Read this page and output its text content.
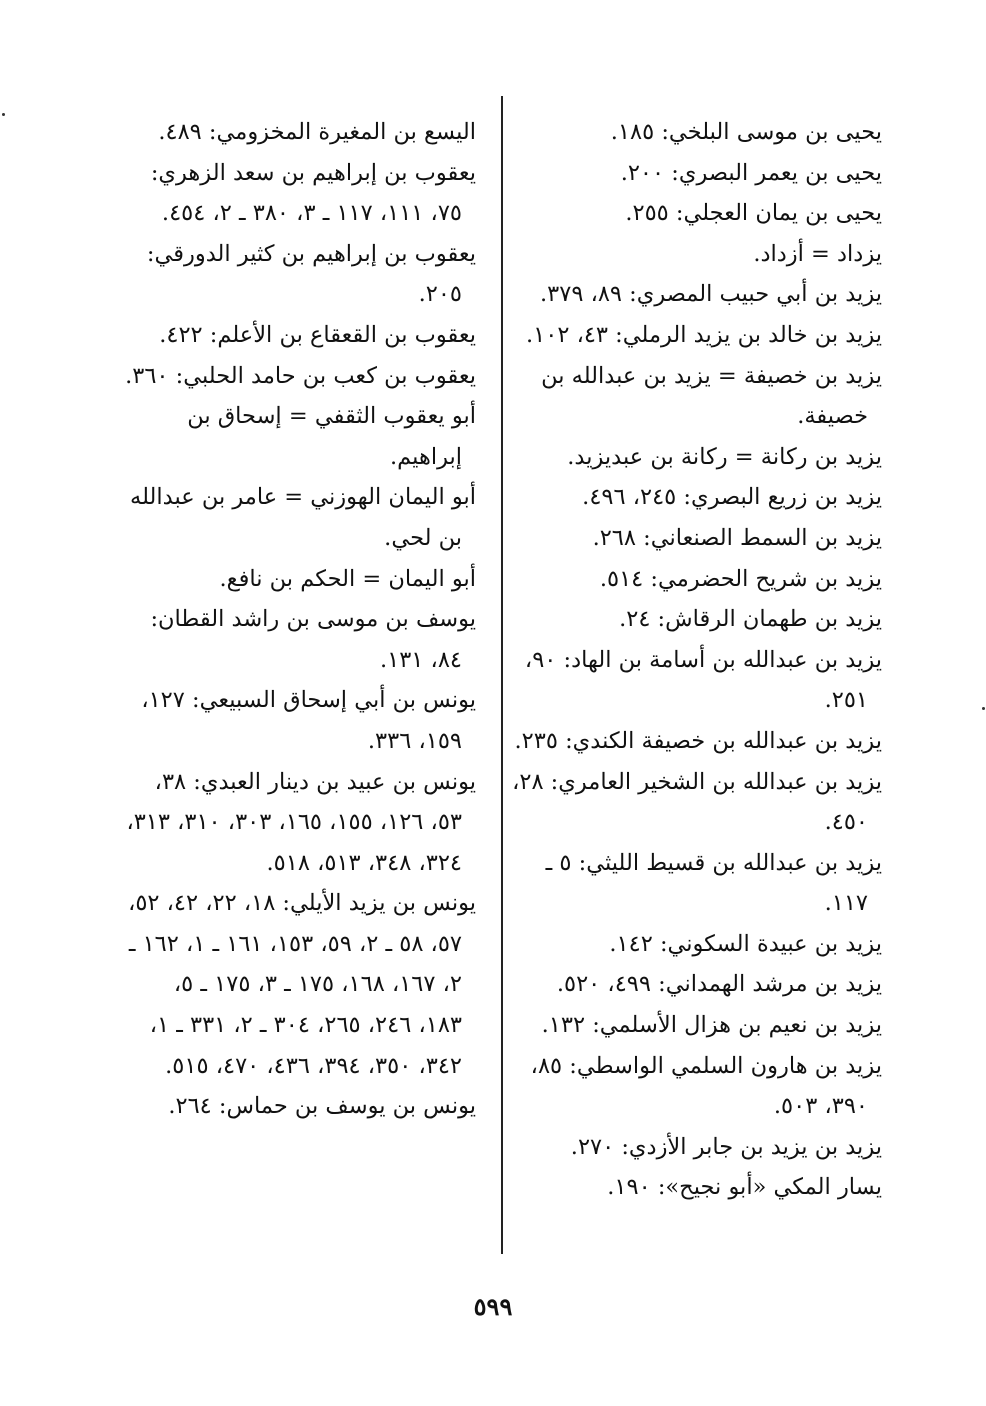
يحيى بن موسى البلخي: ١٨٥.

يحيى بن يعمر البصري: ٢٠٠.

يحيى بن يمان العجلي: ٢٥٥.

يزداد = أزداد.

يزيد بن أبي حبيب المصري: ٨٩، ٣٧٩.

يزيد بن خالد بن يزيد الرملي: ٤٣، ١٠٢.

يزيد بن خصيفة = يزيد بن عبدالله بن خصيفة.

يزيد بن ركانة = ركانة بن عبديزيد.

يزيد بن زريع البصري: ٢٤٥، ٤٩٦.

يزيد بن السمط الصنعاني: ٢٦٨.

يزيد بن شريح الحضرمي: ٥١٤.

يزيد بن طهمان الرقاش: ٢٤.

يزيد بن عبدالله بن أسامة بن الهاد: ٩٠، ٢٥١.

يزيد بن عبدالله بن خصيفة الكندي: ٢٣٥.

يزيد بن عبدالله بن الشخير العامري: ٢٨، ٤٥٠.

يزيد بن عبدالله بن قسيط الليثي: ٥ ـ ١١٧.

يزيد بن عبيدة السكوني: ١٤٢.

يزيد بن مرشد الهمداني: ٤٩٩، ٥٢٠.

يزيد بن نعيم بن هزال الأسلمي: ١٣٢.

يزيد بن هارون السلمي الواسطي: ٨٥، ٣٩٠، ٥٠٣.

يزيد بن يزيد بن جابر الأزدي: ٢٧٠.

يسار المكي «أبو نجيح»: ١٩٠.

اليسع بن المغيرة المخزومي: ٤٨٩.

يعقوب بن إبراهيم بن سعد الزهري: ٧٥، ١١١، ١١٧ ـ ٣، ٣٨٠ ـ ٢، ٤٥٤.

يعقوب بن إبراهيم بن كثير الدورقي: ٢٠٥.

يعقوب بن القعقاع بن الأعلم: ٤٢٢.

يعقوب بن كعب بن حامد الحلبي: ٣٦٠.

أبو يعقوب الثقفي = إسحاق بن إبراهيم.

أبو اليمان الهوزني = عامر بن عبدالله بن لحي.

أبو اليمان = الحكم بن نافع.

يوسف بن موسى بن راشد القطان: ٨٤، ١٣١.

يونس بن أبي إسحاق السبيعي: ١٢٧، ١٥٩، ٣٣٦.

يونس بن عبيد بن دينار العبدي: ٣٨، ٥٣، ١٢٦، ١٥٥، ١٦٥، ٣٠٣، ٣١٠، ٣١٣، ٣٢٤، ٣٤٨، ٥١٣، ٥١٨.

يونس بن يزيد الأيلي: ١٨، ٢٢، ٤٢، ٥٢، ٥٧، ٥٨ ـ ٢، ٥٩، ١٥٣، ١٦١ ـ ١، ١٦٢ ـ ٢، ١٦٧، ١٦٨، ١٧٥ ـ ٣، ١٧٥ ـ ٥، ١٨٣، ٢٤٦، ٢٦٥، ٣٠٤ ـ ٢، ٣٣١ ـ ١، ٣٤٢، ٣٥٠، ٣٩٤، ٤٣٦، ٤٧٠، ٥١٥.

يونس بن يوسف بن حماس: ٢٦٤.

٥٩٩
